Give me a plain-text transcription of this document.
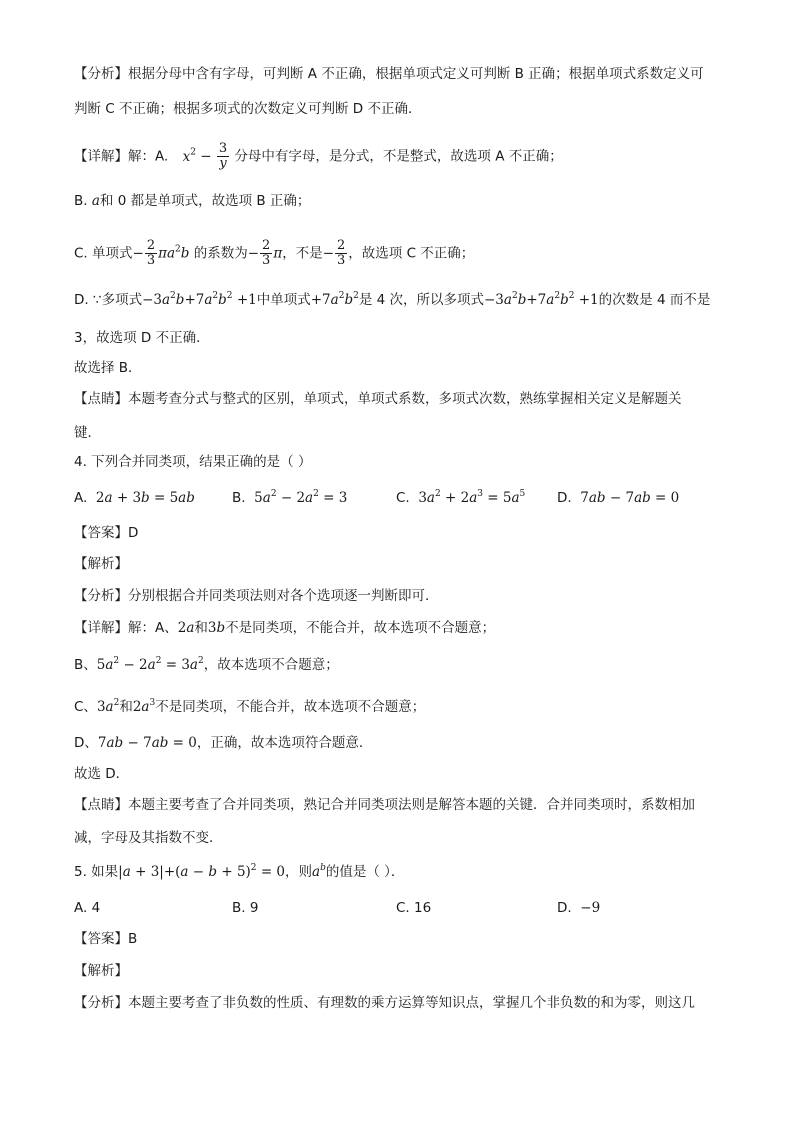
【分析】根据分母中含有字母，可判断 A 不正确，根据单项式定义可判断 B 正确；根据单项式系数定义可
判断 C 不正确；根据多项式的次数定义可判断 D 不正确．
【详解】解：A. $x^2 - \frac{3}{y}$ 分母中有字母，是分式，不是整式，故选项 A 不正确；
B. a和 0 都是单项式，故选项 B 正确；
C. 单项式− $\frac{2}{3} \pi a^2b$ 的系数为− $\frac{2}{3}$ π，不是− $\frac{2}{3}$ ，故选项 C 不正确；
D. ∵多项式$-3a^2b+7a^2b^2 +1$中单项式$+7a^2b^2$是 4 次，所以多项式$-3a^2b+7a^2b^2 +1$的次数是 4 而不是
3，故选项 D 不正确．
故选择 B．
【点睛】本题考查分式与整式的区别，单项式，单项式系数，多项式次数，熟练掌握相关定义是解题关
键．
4. 下列合并同类项，结果正确的是（ ）
A. 2a + 3b = 5ab	B. $5a^2 - 2a^2 = 3$	C. $3a^2 + 2a^3 = 5a^5$ D. 7ab − 7ab = 0
【答案】D
【解析】
【分析】分别根据合并同类项法则对各个选项逐一判断即可．
【详解】解：A、2a和3b不是同类项，不能合并，故本选项不合题意；
B、$5a^2 - 2a^2 = 3a^2$，故本选项不合题意；
C、$3a^2$和$2a^3$不是同类项，不能合并，故本选项不合题意；
D、7ab − 7ab = 0，正确，故本选项符合题意．
故选 D．
【点睛】本题主要考查了合并同类项，熟记合并同类项法则是解答本题的关键．合并同类项时，系数相加
减，字母及其指数不变．
5. 如果$|a + 3|+(a - b + 5)^2 = 0$，则$a^b$的值是（ ）．
A. 4	B. 9	C. 16	D. −9
【答案】B
【解析】
【分析】本题主要考查了非负数的性质、有理数的乘方运算等知识点，掌握几个非负数的和为零，则这几
